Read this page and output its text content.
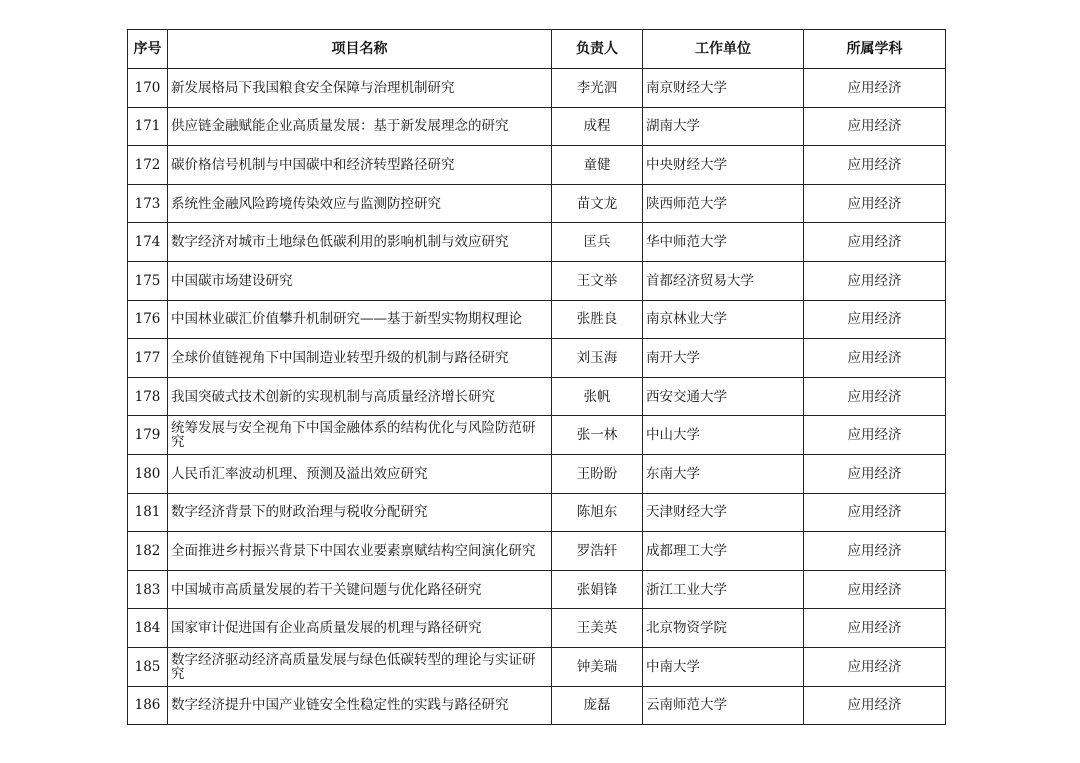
序号	项目名称	负责人	工作单位	所属学科
170	新发展格局下我国粮食安全保障与治理机制研究	李光泗	南京财经大学	应用经济
171	供应链金融赋能企业高质量发展：基于新发展理念的研究	成程	湖南大学	应用经济
172	碳价格信号机制与中国碳中和经济转型路径研究	童健	中央财经大学	应用经济
173	系统性金融风险跨境传染效应与监测防控研究	苗文龙	陕西师范大学	应用经济
174	数字经济对城市土地绿色低碳利用的影响机制与效应研究	匡兵	华中师范大学	应用经济
175	中国碳市场建设研究	王文举	首都经济贸易大学	应用经济
176	中国林业碳汇价值攀升机制研究——基于新型实物期权理论	张胜良	南京林业大学	应用经济
177	全球价值链视角下中国制造业转型升级的机制与路径研究	刘玉海	南开大学	应用经济
178	我国突破式技术创新的实现机制与高质量经济增长研究	张帆	西安交通大学	应用经济
179	统筹发展与安全视角下中国金融体系的结构优化与风险防范研究	张一林	中山大学	应用经济
180	人民币汇率波动机理、预测及溢出效应研究	王盼盼	东南大学	应用经济
181	数字经济背景下的财政治理与税收分配研究	陈旭东	天津财经大学	应用经济
182	全面推进乡村振兴背景下中国农业要素禀赋结构空间演化研究	罗浩轩	成都理工大学	应用经济
183	中国城市高质量发展的若干关键问题与优化路径研究	张娟锋	浙江工业大学	应用经济
184	国家审计促进国有企业高质量发展的机理与路径研究	王美英	北京物资学院	应用经济
185	数字经济驱动经济高质量发展与绿色低碳转型的理论与实证研究	钟美瑞	中南大学	应用经济
186	数字经济提升中国产业链安全性稳定性的实践与路径研究	庞磊	云南师范大学	应用经济
